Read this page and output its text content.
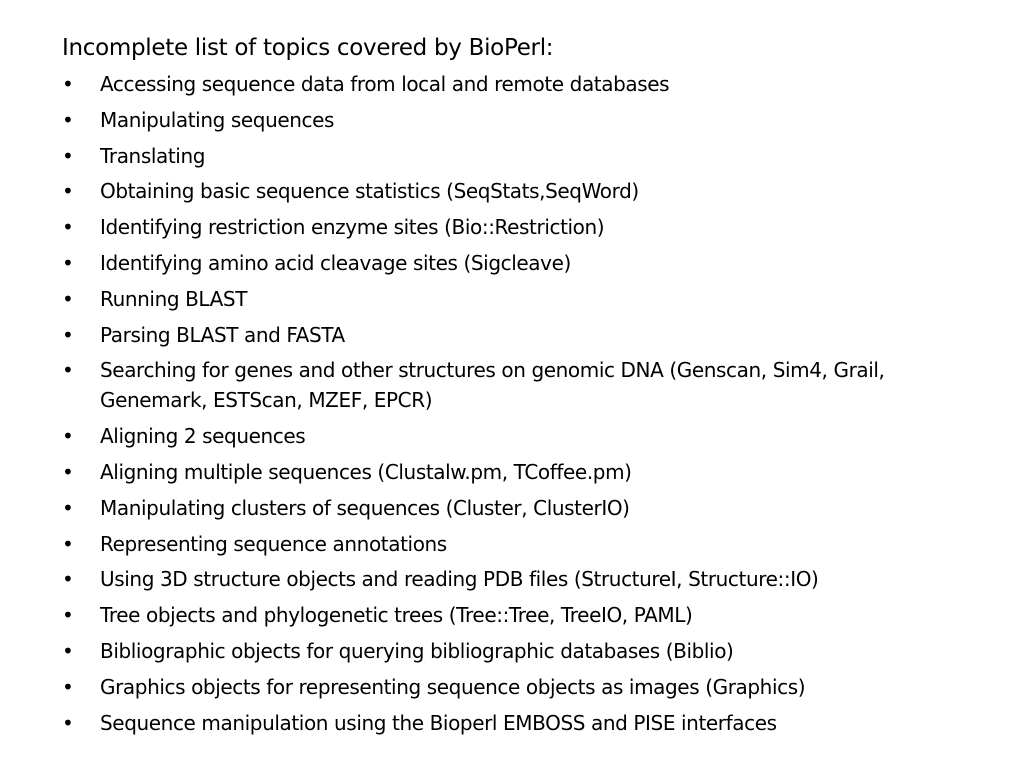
Incomplete list of topics covered by BioPerl:
• Accessing sequence data from local and remote databases
• Manipulating sequences
• Translating
• Obtaining basic sequence statistics (SeqStats,SeqWord)
• Identifying restriction enzyme sites (Bio::Restriction)
• Identifying amino acid cleavage sites (Sigcleave)
• Running BLAST
• Parsing BLAST and FASTA
• Searching for genes and other structures on genomic DNA (Genscan, Sim4, Grail, Genemark, ESTScan, MZEF, EPCR)
• Aligning 2 sequences
• Aligning multiple sequences (Clustalw.pm, TCoffee.pm)
• Manipulating clusters of sequences (Cluster, ClusterIO)
• Representing sequence annotations
• Using 3D structure objects and reading PDB files (StructureI, Structure::IO)
• Tree objects and phylogenetic trees (Tree::Tree, TreeIO, PAML)
• Bibliographic objects for querying bibliographic databases (Biblio)
• Graphics objects for representing sequence objects as images (Graphics)
• Sequence manipulation using the Bioperl EMBOSS and PISE interfaces
